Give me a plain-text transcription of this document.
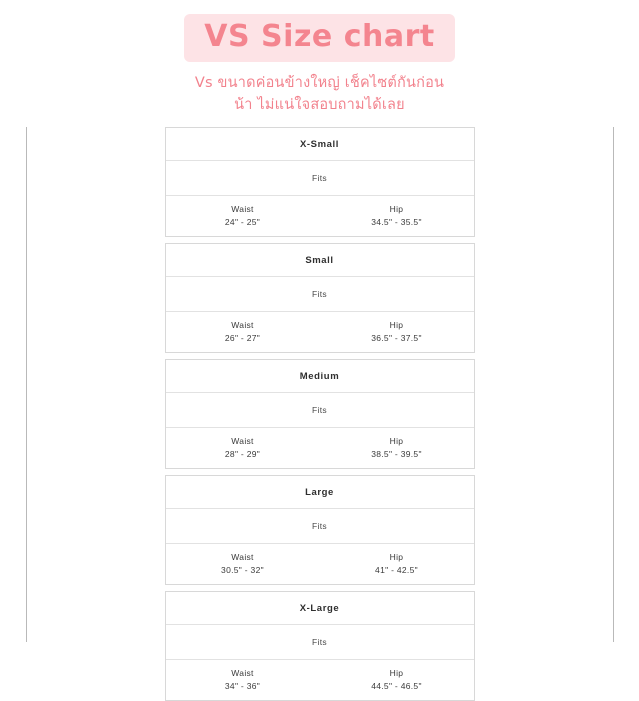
VS Size chart
Vs ขนาดค่อนข้างใหญ่ เช็คไซต์กันก่อน
น้า ไม่แน่ใจสอบถามได้เลย
X-Small
Fits
Waist
24" - 25"
Hip
34.5" - 35.5"
Small
Fits
Waist
26" - 27"
Hip
36.5" - 37.5"
Medium
Fits
Waist
28" - 29"
Hip
38.5" - 39.5"
Large
Fits
Waist
30.5" - 32"
Hip
41" - 42.5"
X-Large
Fits
Waist
34" - 36"
Hip
44.5" - 46.5"
